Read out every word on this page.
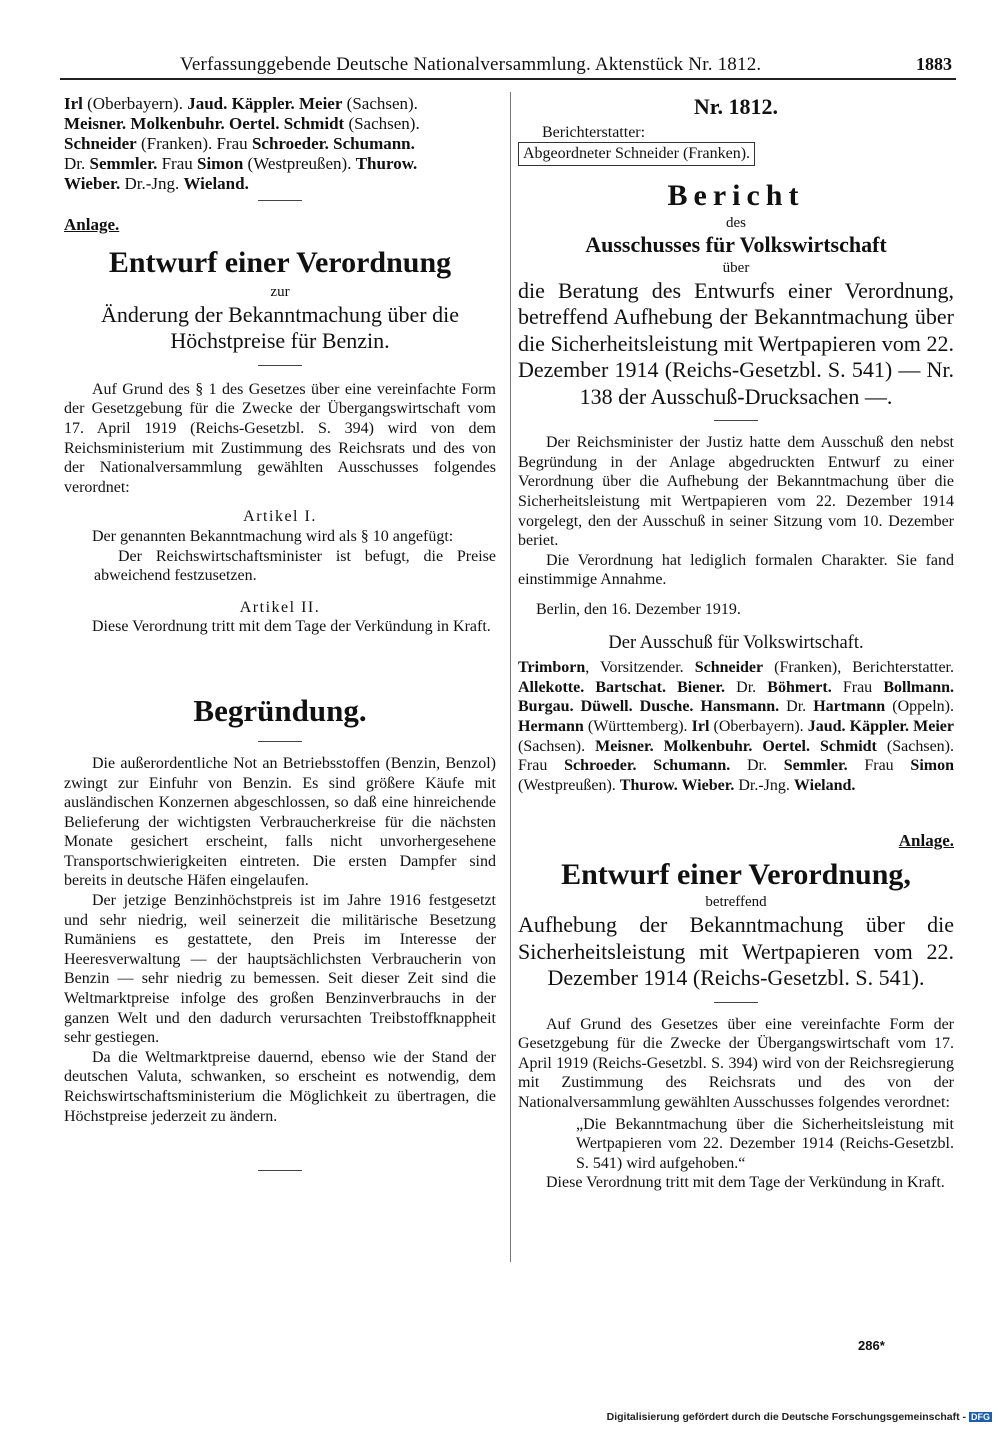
Verfassunggebende Deutsche Nationalversammlung. Aktenstück Nr. 1812.	1883
Irl (Oberbayern). Jaud. Käppler. Meier (Sachsen).
Meisner. Molkenbuhr. Oertel. Schmidt (Sachsen).
Schneider (Franken). Frau Schroeder. Schumann.
Dr. Semmler. Frau Simon (Westpreußen). Thurow.
Wieber. Dr.-Jng. Wieland.

Anlage.

Entwurf einer Verordnung

zur

Änderung der Bekanntmachung über die Höchstpreise für Benzin.

Auf Grund des § 1 des Gesetzes über eine vereinfachte Form der Gesetzgebung für die Zwecke der Übergangswirtschaft vom 17. April 1919 (Reichs-Gesetzbl. S. 394) wird von dem Reichsministerium mit Zustimmung des Reichsrats und des von der Nationalversammlung gewählten Ausschusses folgendes verordnet:

Artikel I.

Der genannten Bekanntmachung wird als § 10 angefügt:

Der Reichswirtschaftsminister ist befugt, die Preise abweichend festzusetzen.

Artikel II.

Diese Verordnung tritt mit dem Tage der Verkündung in Kraft.

Begründung.

Die außerordentliche Not an Betriebsstoffen (Benzin, Benzol) zwingt zur Einfuhr von Benzin. Es sind größere Käufe mit ausländischen Konzernen abgeschlossen, so daß eine hinreichende Belieferung der wichtigsten Verbraucherkreise für die nächsten Monate gesichert erscheint, falls nicht unvorhergesehene Transportschwierigkeiten eintreten. Die ersten Dampfer sind bereits in deutsche Häfen eingelaufen.

Der jetzige Benzinhöchstpreis ist im Jahre 1916 festgesetzt und sehr niedrig, weil seinerzeit die militärische Besetzung Rumäniens es gestattete, den Preis im Interesse der Heeresverwaltung — der hauptsächlichsten Verbraucherin von Benzin — sehr niedrig zu bemessen. Seit dieser Zeit sind die Weltmarktpreise infolge des großen Benzinverbrauchs in der ganzen Welt und den dadurch verursachten Treibstoffknappheit sehr gestiegen.

Da die Weltmarktpreise dauernd, ebenso wie der Stand der deutschen Valuta, schwanken, so erscheint es notwendig, dem Reichswirtschaftsministerium die Möglichkeit zu übertragen, die Höchstpreise jederzeit zu ändern.

Nr. 1812.

Berichterstatter:

Abgeordneter Schneider (Franken).

Bericht

des

Ausschusses für Volkswirtschaft

über

die Beratung des Entwurfs einer Verordnung, betreffend Aufhebung der Bekanntmachung über die Sicherheitsleistung mit Wertpapieren vom 22. Dezember 1914 (Reichs-Gesetzbl. S. 541) — Nr. 138 der Ausschuß-Drucksachen —.

Der Reichsminister der Justiz hatte dem Ausschuß den nebst Begründung in der Anlage abgedruckten Entwurf zu einer Verordnung über die Aufhebung der Bekanntmachung über die Sicherheitsleistung mit Wertpapieren vom 22. Dezember 1914 vorgelegt, den der Ausschuß in seiner Sitzung vom 10. Dezember beriet.

Die Verordnung hat lediglich formalen Charakter. Sie fand einstimmige Annahme.

Berlin, den 16. Dezember 1919.

Der Ausschuß für Volkswirtschaft.

Trimborn, Vorsitzender. Schneider (Franken), Berichterstatter. Allekotte. Bartschat. Biener. Dr. Böhmert. Frau Bollmann. Burgau. Düwell. Dusche. Hansmann. Dr. Hartmann (Oppeln). Hermann (Württemberg). Irl (Oberbayern). Jaud. Käppler. Meier (Sachsen). Meisner. Molkenbuhr. Oertel. Schmidt (Sachsen). Frau Schroeder. Schumann. Dr. Semmler. Frau Simon (Westpreußen). Thurow. Wieber. Dr.-Jng. Wieland.

Anlage.

Entwurf einer Verordnung,

betreffend

Aufhebung der Bekanntmachung über die Sicherheitsleistung mit Wertpapieren vom 22. Dezember 1914 (Reichs-Gesetzbl. S. 541).

Auf Grund des Gesetzes über eine vereinfachte Form der Gesetzgebung für die Zwecke der Übergangswirtschaft vom 17. April 1919 (Reichs-Gesetzbl. S. 394) wird von der Reichsregierung mit Zustimmung des Reichsrats und des von der Nationalversammlung gewählten Ausschusses folgendes verordnet:

„Die Bekanntmachung über die Sicherheitsleistung mit Wertpapieren vom 22. Dezember 1914 (Reichs-Gesetzbl. S. 541) wird aufgehoben.“

Diese Verordnung tritt mit dem Tage der Verkündung in Kraft.

286*
Digitalisierung gefördert durch die Deutsche Forschungsgemeinschaft - DFG
